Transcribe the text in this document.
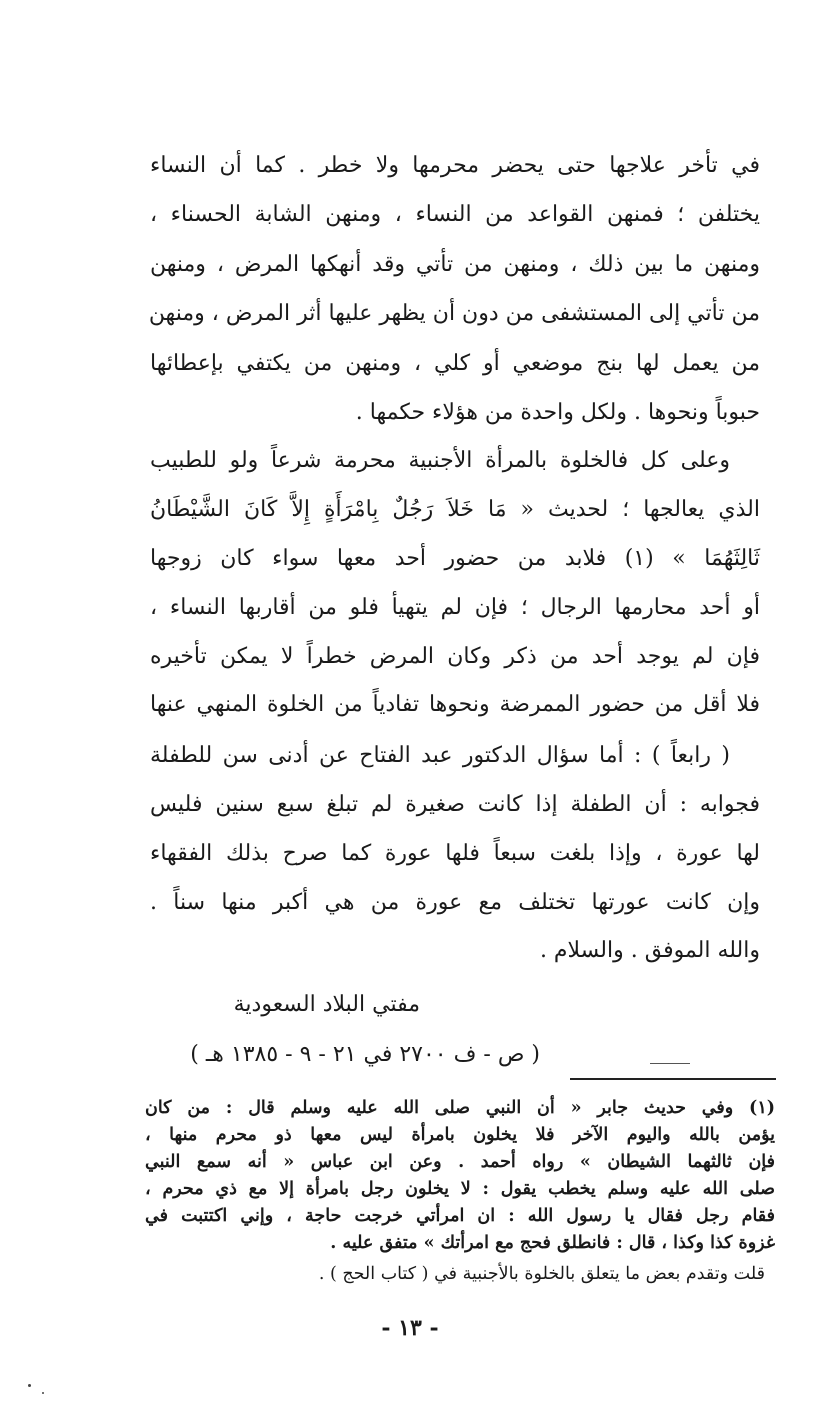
في تأخر علاجها حتى يحضر محرمها ولا خطر . كما أن النساء
يختلفن ؛ فمنهن القواعد من النساء ، ومنهن الشابة الحسناء ،
ومنهن ما بين ذلك ، ومنهن من تأتي وقد أنهكها المرض ، ومنهن
من تأتي إلى المستشفى من دون أن يظهر عليها أثر المرض ، ومنهن
من يعمل لها بنج موضعي أو كلي ، ومنهن من يكتفي بإعطائها
حبوباً ونحوها . ولكل واحدة من هؤلاء حكمها .
وعلى كل فالخلوة بالمرأة الأجنبية محرمة شرعاً ولو للطبيب
الذي يعالجها ؛ لحديث « مَا خَلاَ رَجُلٌ بِامْرَأَةٍ إِلاَّ كَانَ الشَّيْطَانُ
ثَالِثَهُمَا » (١) فلابد من حضور أحد معها سواء كان زوجها
أو أحد محارمها الرجال ؛ فإن لم يتهيأ فلو من أقاربها النساء ،
فإن لم يوجد أحد من ذكر وكان المرض خطراً لا يمكن تأخيره
فلا أقل من حضور الممرضة ونحوها تفادياً من الخلوة المنهي عنها
( رابعاً ) : أما سؤال الدكتور عبد الفتاح عن أدنى سن للطفلة
فجوابه : أن الطفلة إذا كانت صغيرة لم تبلغ سبع سنين فليس
لها عورة ، وإذا بلغت سبعاً فلها عورة كما صرح بذلك الفقهاء
وإن كانت عورتها تختلف مع عورة من هي أكبر منها سناً .
والله الموفق . والسلام .
مفتي البلاد السعودية
( ص - ف ٢٧٠٠ في ٢١ - ٩ - ١٣٨٥ هـ )
(١) وفي حديث جابر « أن النبي صلى الله عليه وسلم قال : من كان
يؤمن بالله واليوم الآخر فلا يخلون بامرأة ليس معها ذو محرم منها ،
فإن ثالثهما الشيطان » رواه أحمد . وعن ابن عباس « أنه سمع النبي
صلى الله عليه وسلم يخطب يقول : لا يخلون رجل بامرأة إلا مع ذي محرم ،
فقام رجل فقال يا رسول الله : ان امرأتي خرجت حاجة ، وإني اكتتبت في
غزوة كذا وكذا ، قال : فانطلق فحج مع امرأتك » متفق عليه .
قلت وتقدم بعض ما يتعلق بالخلوة بالأجنبية في ( كتاب الحج ) .
- ١٣ -
